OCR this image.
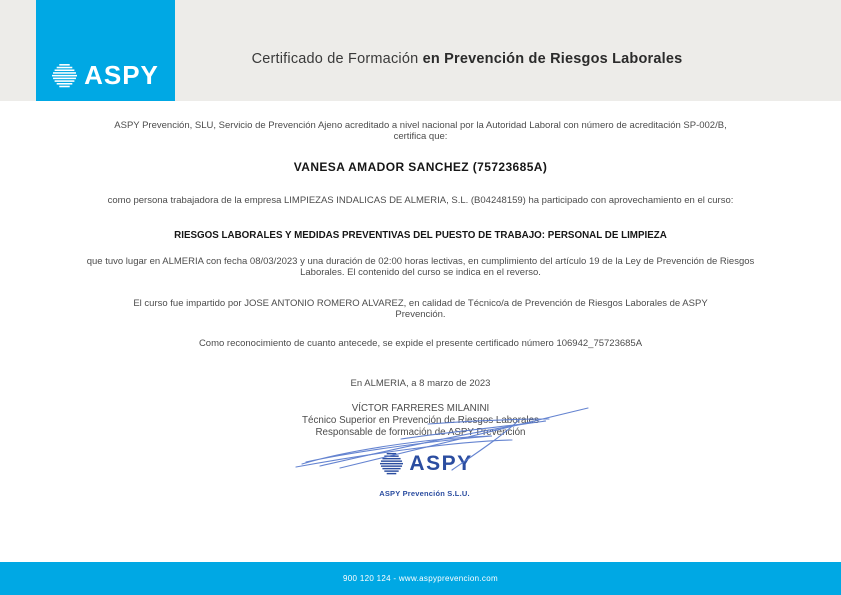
ASPY
Certificado de Formación en Prevención de Riesgos Laborales
ASPY Prevención, SLU, Servicio de Prevención Ajeno acreditado a nivel nacional por la Autoridad Laboral con número de acreditación SP-002/B, certifica que:
VANESA AMADOR SANCHEZ (75723685A)
como persona trabajadora de la empresa LIMPIEZAS INDALICAS DE ALMERIA, S.L. (B04248159) ha participado con aprovechamiento en el curso:
RIESGOS LABORALES Y MEDIDAS PREVENTIVAS DEL PUESTO DE TRABAJO: PERSONAL DE LIMPIEZA
que tuvo lugar en ALMERIA con fecha 08/03/2023 y una duración de 02:00 horas lectivas, en cumplimiento del artículo 19 de la Ley de Prevención de Riesgos Laborales. El contenido del curso se indica en el reverso.
El curso fue impartido por JOSE ANTONIO ROMERO ALVAREZ, en calidad de Técnico/a de Prevención de Riesgos Laborales de ASPY Prevención.
Como reconocimiento de cuanto antecede, se expide el presente certificado número 106942_75723685A
En ALMERIA, a 8 marzo de 2023
VÍCTOR FARRERES MILANINI
Técnico Superior en Prevención de Riesgos Laborales
Responsable de formación de ASPY Prevención
ASPY
ASPY Prevención S.L.U.
900 120 124 - www.aspyprevencion.com
